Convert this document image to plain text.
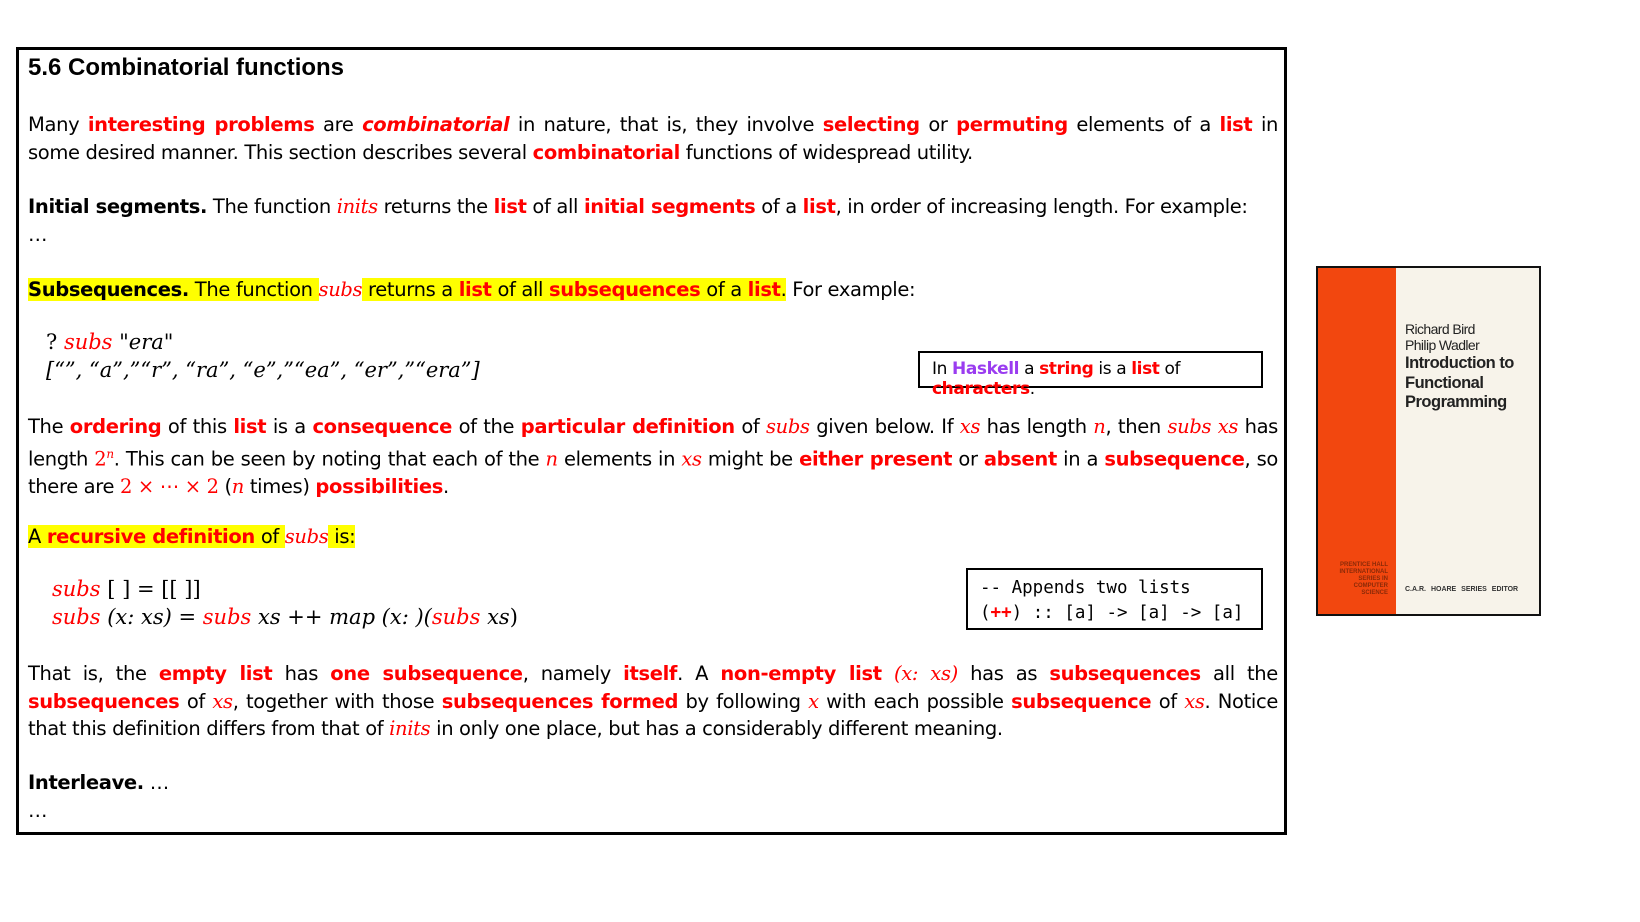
5.6 Combinatorial functions
Many interesting problems are combinatorial in nature, that is, they involve selecting or permuting elements of a list in some desired manner. This section describes several combinatorial functions of widespread utility.
Initial segments. The function inits returns the list of all initial segments of a list, in order of increasing length. For example:
…
Subsequences. The function subs returns a list of all subsequences of a list. For example:
? subs "era"
[“”, “a”,”“r”, “ra”, “e”,”“ea”, “er”,”“era”]	In Haskell a string is a list of characters.
The ordering of this list is a consequence of the particular definition of subs given below. If xs has length n, then subs xs has length 2$^n$. This can be seen by noting that each of the n elements in xs might be either present or absent in a subsequence, so there are 2 × ⋯ × 2 (n times) possibilities.
A recursive definition of subs is:
subs [ ] = [[ ]]
subs (x: xs) = subs xs ++ map (x: )(subs xs)
-- Appends two lists
(++) :: [a] -> [a] -> [a]
That is, the empty list has one subsequence, namely itself. A non-empty list (x: xs) has as subsequences all the subsequences of xs, together with those subsequences formed by following x with each possible subsequence of xs. Notice that this definition differs from that of inits in only one place, but has a considerably different meaning.
Interleave. …
…
PRENTICE HALL
INTERNATIONAL
SERIES IN
COMPUTER
SCIENCE
Richard Bird
Philip Wadler
Introduction to
Functional
Programming
C.A.R. HOARE SERIES EDITOR
